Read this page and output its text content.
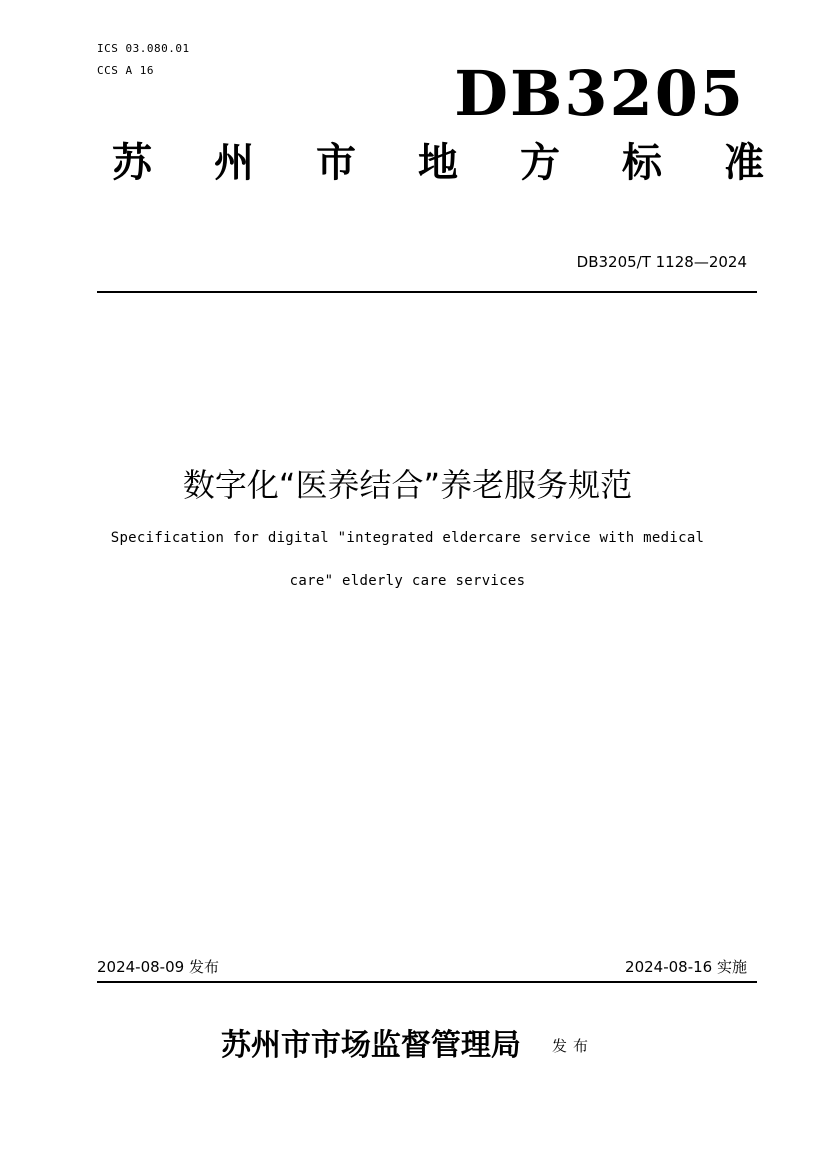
ICS 03.080.01
CCS A 16	DB3205
苏 州 市 地 方 标 准
DB3205/T 1128—2024
数字化“医养结合”养老服务规范
Specification for digital "integrated eldercare service with medical
care" elderly care services
2024-08-09 发布	2024-08-16 实施
苏州市市场监督管理局 发布
